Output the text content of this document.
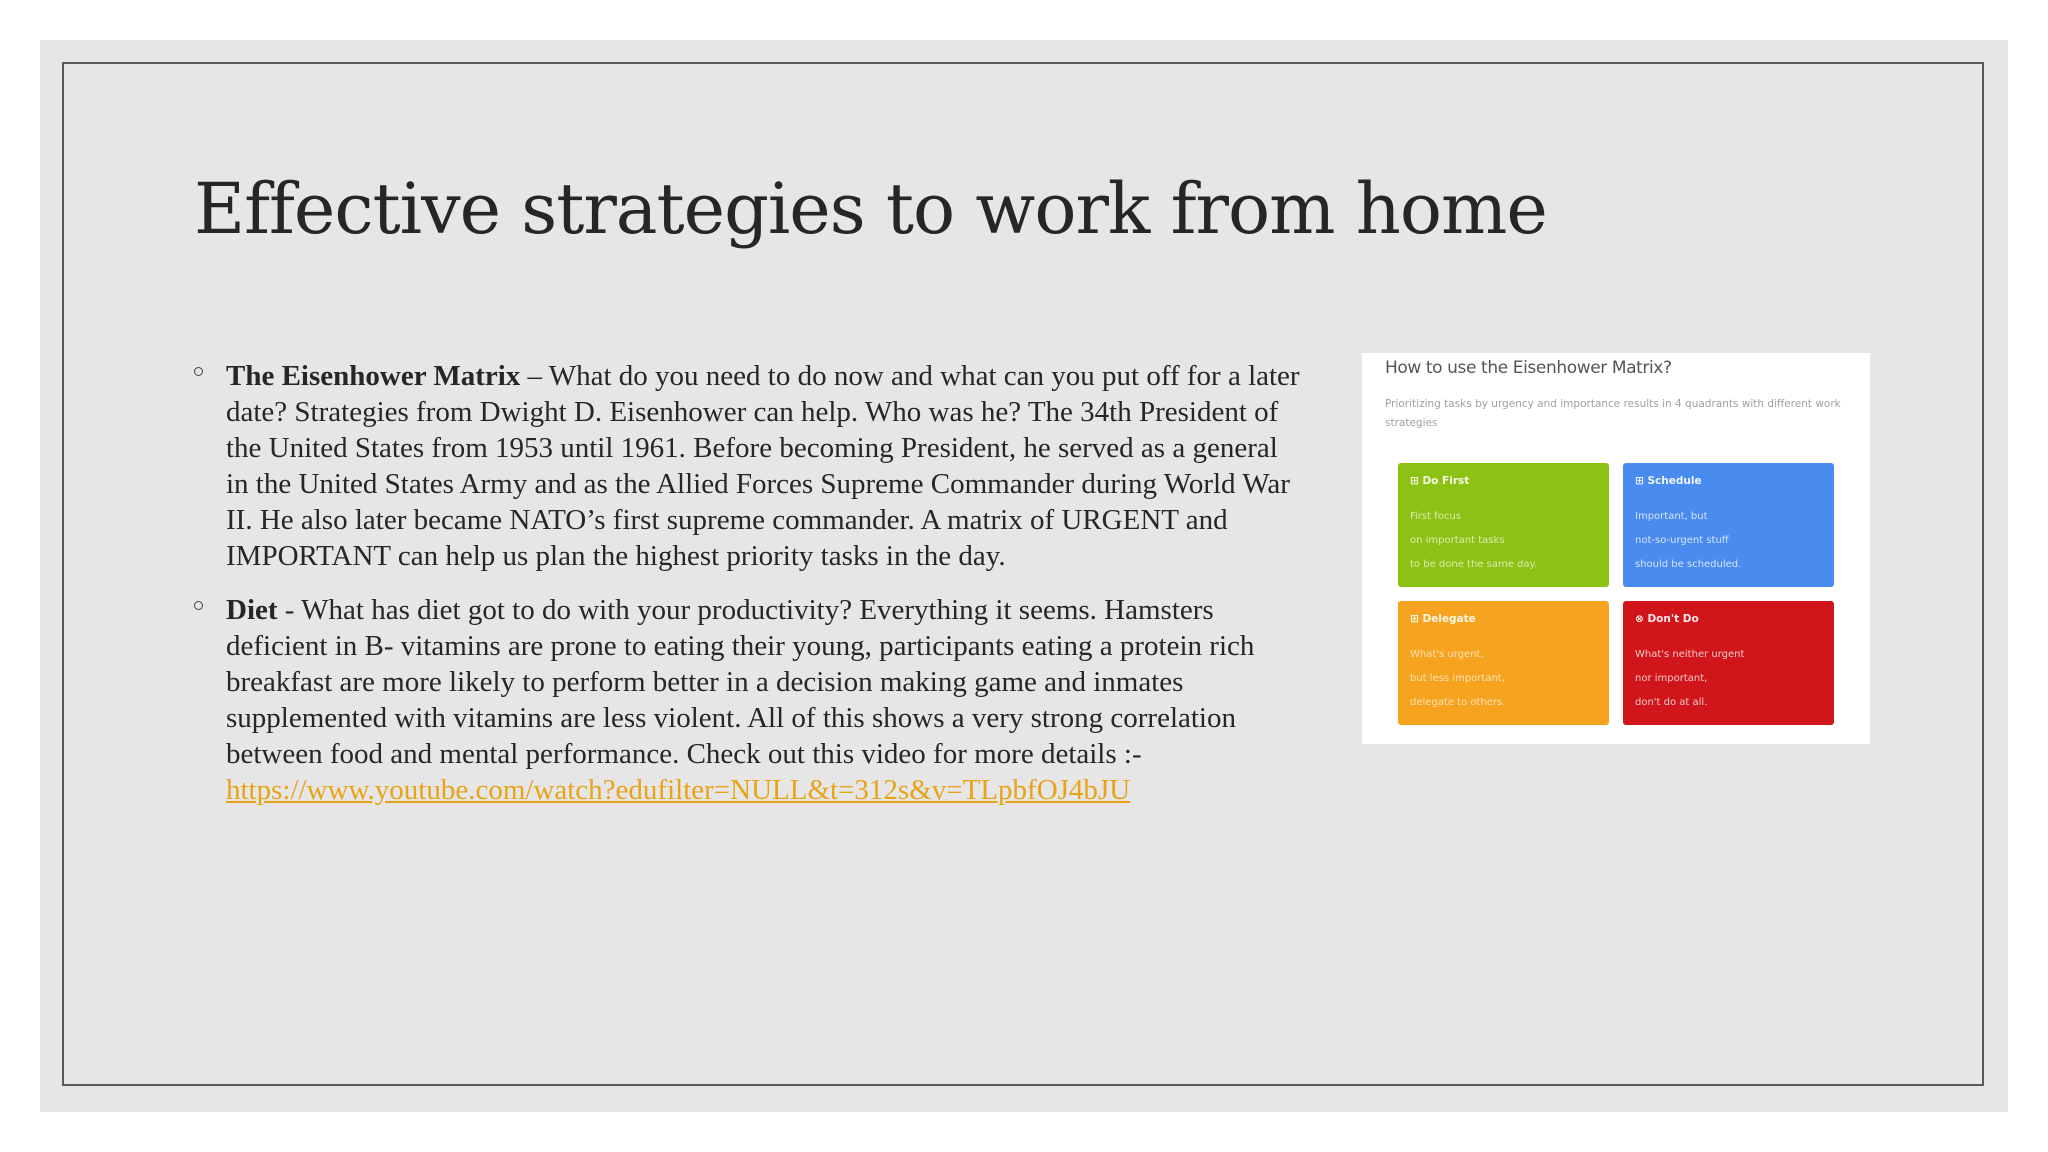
Effective strategies to work from home
The Eisenhower Matrix – What do you need to do now and what can you put off for a later date? Strategies from Dwight D. Eisenhower can help. Who was he? The 34th President of the United States from 1953 until 1961. Before becoming President, he served as a general in the United States Army and as the Allied Forces Supreme Commander during World War II. He also later became NATO’s first supreme commander. A matrix of URGENT and IMPORTANT can help us plan the highest priority tasks in the day.
Diet - What has diet got to do with your productivity? Everything it seems. Hamsters deficient in B- vitamins are prone to eating their young, participants eating a protein rich breakfast are more likely to perform better in a decision making game and inmates supplemented with vitamins are less violent. All of this shows a very strong correlation between food and mental performance. Check out this video for more details :-
https://www.youtube.com/watch?edufilter=NULL&t=312s&v=TLpbfOJ4bJU
How to use the Eisenhower Matrix?
Prioritizing tasks by urgency and importance results in 4 quadrants with different work strategies
⊞ Do First
First focus
on important tasks
to be done the same day.
⊞ Schedule
Important, but
not-so-urgent stuff
should be scheduled.
⊞ Delegate
What's urgent,
but less important,
delegate to others.
⊗ Don't Do
What's neither urgent
nor important,
don't do at all.
